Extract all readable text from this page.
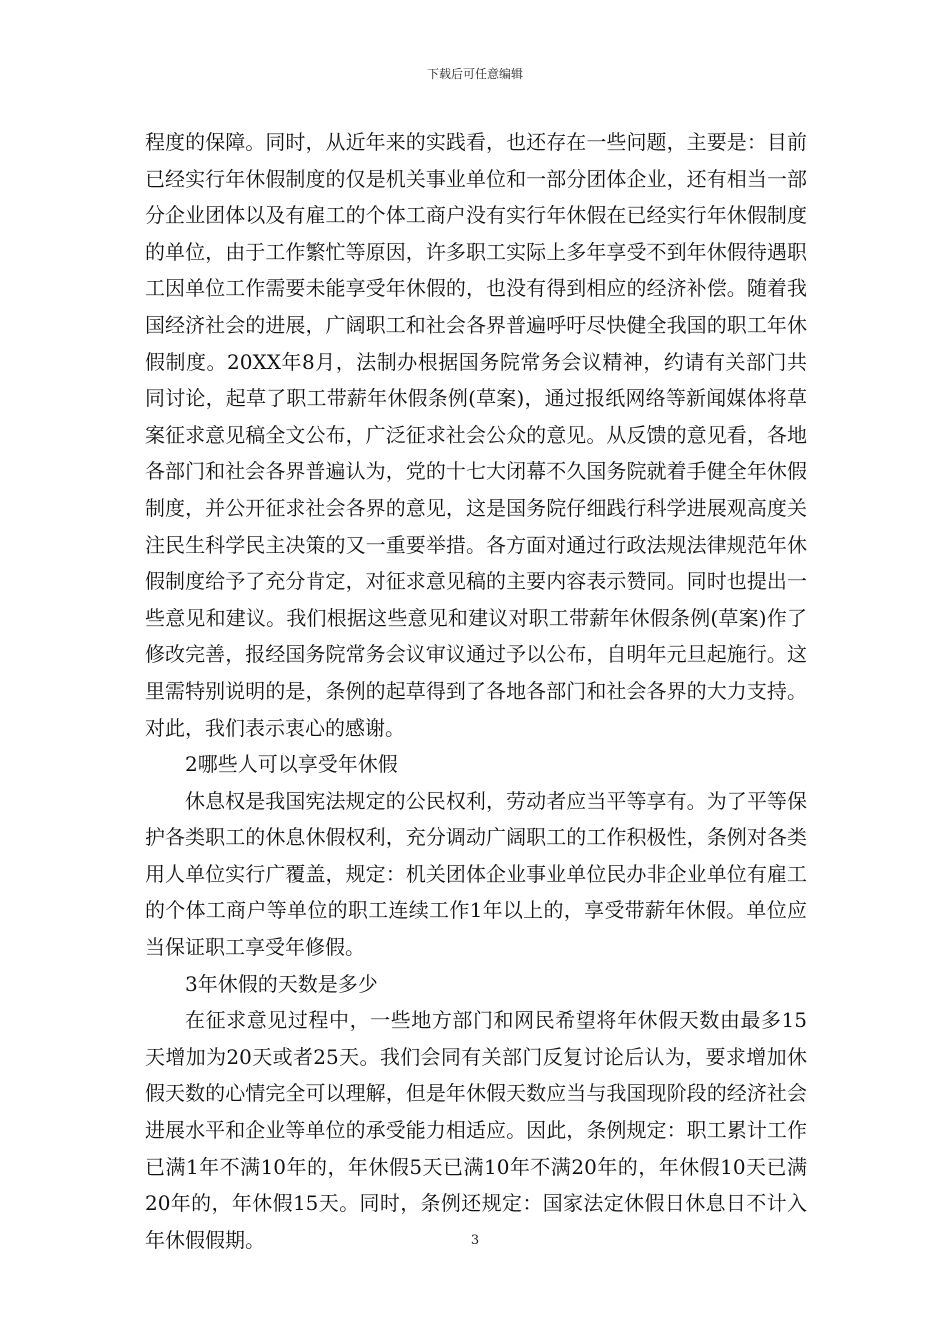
下载后可任意编辑

程度的保障。同时，从近年来的实践看，也还存在一些问题，主要是：目前已经实行年休假制度的仅是机关事业单位和一部分团体企业，还有相当一部分企业团体以及有雇工的个体工商户没有实行年休假在已经实行年休假制度的单位，由于工作繁忙等原因，许多职工实际上多年享受不到年休假待遇职工因单位工作需要未能享受年休假的，也没有得到相应的经济补偿。随着我国经济社会的进展，广阔职工和社会各界普遍呼吁尽快健全我国的职工年休假制度。20XX年8月，法制办根据国务院常务会议精神，约请有关部门共同讨论，起草了职工带薪年休假条例(草案)，通过报纸网络等新闻媒体将草案征求意见稿全文公布，广泛征求社会公众的意见。从反馈的意见看，各地各部门和社会各界普遍认为，党的十七大闭幕不久国务院就着手健全年休假制度，并公开征求社会各界的意见，这是国务院仔细践行科学进展观高度关注民生科学民主决策的又一重要举措。各方面对通过行政法规法律规范年休假制度给予了充分肯定，对征求意见稿的主要内容表示赞同。同时也提出一些意见和建议。我们根据这些意见和建议对职工带薪年休假条例(草案)作了修改完善，报经国务院常务会议审议通过予以公布，自明年元旦起施行。这里需特别说明的是，条例的起草得到了各地各部门和社会各界的大力支持。对此，我们表示衷心的感谢。

2哪些人可以享受年休假

休息权是我国宪法规定的公民权利，劳动者应当平等享有。为了平等保护各类职工的休息休假权利，充分调动广阔职工的工作积极性，条例对各类用人单位实行广覆盖，规定：机关团体企业事业单位民办非企业单位有雇工的个体工商户等单位的职工连续工作1年以上的，享受带薪年休假。单位应当保证职工享受年修假。

3年休假的天数是多少

在征求意见过程中，一些地方部门和网民希望将年休假天数由最多15天增加为20天或者25天。我们会同有关部门反复讨论后认为，要求增加休假天数的心情完全可以理解，但是年休假天数应当与我国现阶段的经济社会进展水平和企业等单位的承受能力相适应。因此，条例规定：职工累计工作已满1年不满10年的，年休假5天已满10年不满20年的，年休假10天已满20年的，年休假15天。同时，条例还规定：国家法定休假日休息日不计入年休假假期。	3
